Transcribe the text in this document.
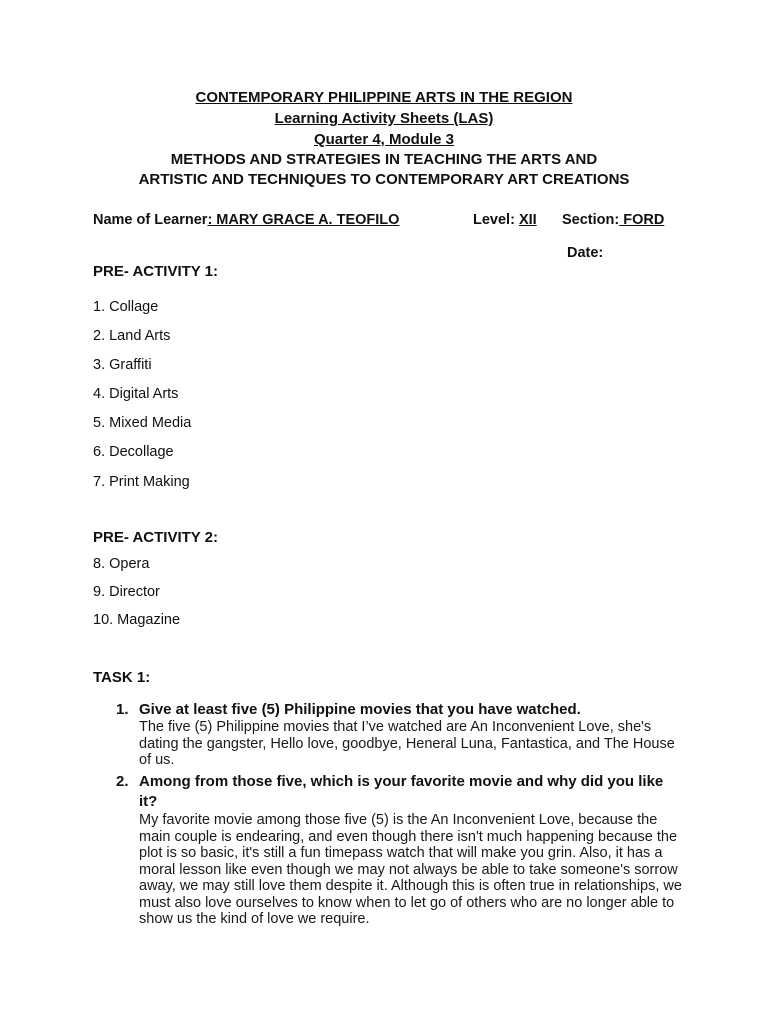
CONTEMPORARY PHILIPPINE ARTS IN THE REGION
Learning Activity Sheets (LAS)
Quarter 4, Module 3
METHODS AND STRATEGIES IN TEACHING THE ARTS AND
ARTISTIC AND TECHNIQUES TO CONTEMPORARY ART CREATIONS
Name of Learner: MARY GRACE A. TEOFILO	Level: XII Section: FORD
Date:
PRE- ACTIVITY 1:
1. Collage
2. Land Arts
3. Graffiti
4. Digital Arts
5. Mixed Media
6. Decollage
7. Print Making
PRE- ACTIVITY 2:
8. Opera
9. Director
10. Magazine
TASK 1:
1. Give at least five (5) Philippine movies that you have watched.
The five (5) Philippine movies that I’ve watched are An Inconvenient Love, she's dating the gangster, Hello love, goodbye, Heneral Luna, Fantastica, and The House of us.
2. Among from those five, which is your favorite movie and why did you like it?
My favorite movie among those five (5) is the An Inconvenient Love, because the main couple is endearing, and even though there isn't much happening because the plot is so basic, it's still a fun timepass watch that will make you grin. Also, it has a moral lesson like even though we may not always be able to take someone's sorrow away, we may still love them despite it. Although this is often true in relationships, we must also love ourselves to know when to let go of others who are no longer able to show us the kind of love we require.
